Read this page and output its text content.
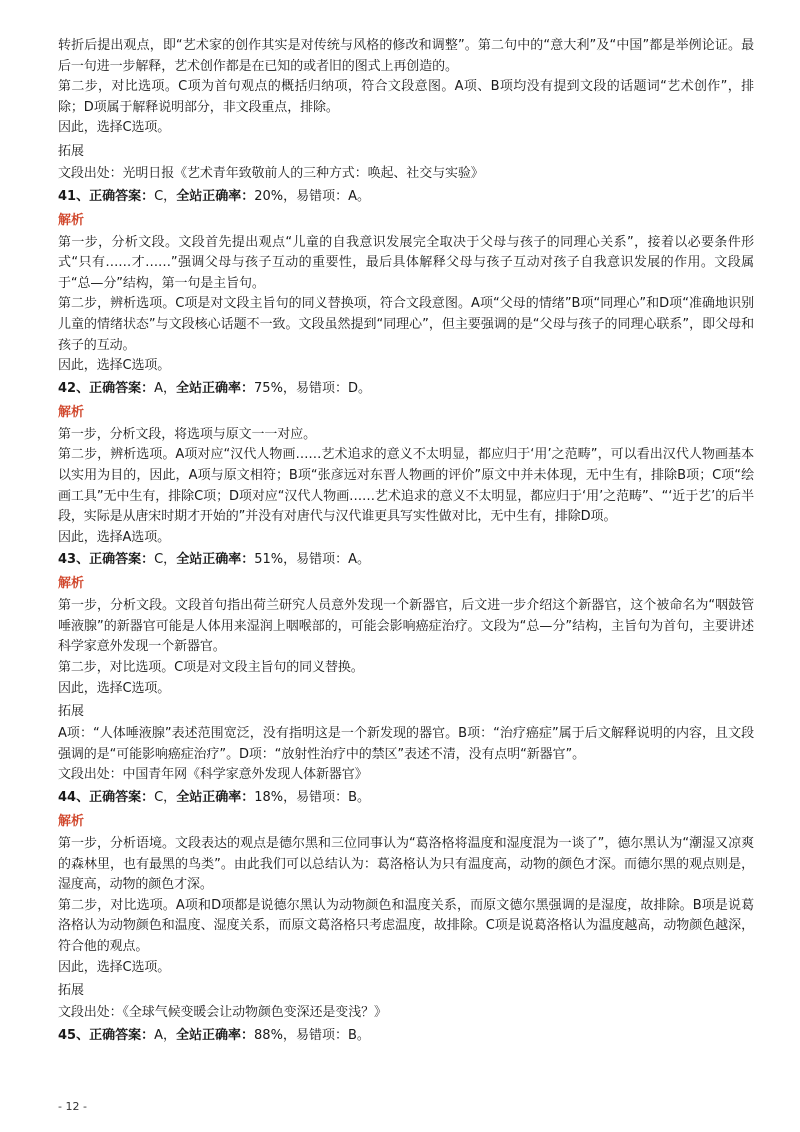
转折后提出观点，即“艺术家的创作其实是对传统与风格的修改和调整”。第二句中的“意大利”及“中国”都是举例论证。最后一句进一步解释，艺术创作都是在已知的或者旧的图式上再创造的。

第二步，对比选项。C项为首句观点的概括归纳项，符合文段意图。A项、B项均没有提到文段的话题词“艺术创作”，排除；D项属于解释说明部分，非文段重点，排除。

因此，选择C选项。

拓展

文段出处：光明日报《艺术青年致敬前人的三种方式：唤起、社交与实验》

41、正确答案：C，全站正确率：20%，易错项：A。
解析

第一步，分析文段。文段首先提出观点“儿童的自我意识发展完全取决于父母与孩子的同理心关系”，接着以必要条件形式“只有……才……”强调父母与孩子互动的重要性，最后具体解释父母与孩子互动对孩子自我意识发展的作用。文段属于“总—分”结构，第一句是主旨句。

第二步，辨析选项。C项是对文段主旨句的同义替换项，符合文段意图。A项“父母的情绪”B项“同理心”和D项“准确地识别儿童的情绪状态”与文段核心话题不一致。文段虽然提到“同理心”，但主要强调的是“父母与孩子的同理心联系”，即父母和孩子的互动。

因此，选择C选项。

42、正确答案：A，全站正确率：75%，易错项：D。
解析

第一步，分析文段，将选项与原文一一对应。

第二步，辨析选项。A项对应“汉代人物画……艺术追求的意义不太明显，都应归于‘用’之范畴”，可以看出汉代人物画基本以实用为目的，因此，A项与原文相符；B项“张彦远对东晋人物画的评价”原文中并未体现，无中生有，排除B项；C项“绘画工具”无中生有，排除C项；D项对应“汉代人物画……艺术追求的意义不太明显，都应归于‘用’之范畴”、“‘近于艺’的后半段，实际是从唐宋时期才开始的”并没有对唐代与汉代谁更具写实性做对比，无中生有，排除D项。

因此，选择A选项。

43、正确答案：C，全站正确率：51%，易错项：A。
解析

第一步，分析文段。文段首句指出荷兰研究人员意外发现一个新器官，后文进一步介绍这个新器官，这个被命名为“咽鼓管唾液腺”的新器官可能是人体用来湿润上咽喉部的，可能会影响癌症治疗。文段为“总—分”结构，主旨句为首句，主要讲述科学家意外发现一个新器官。

第二步，对比选项。C项是对文段主旨句的同义替换。

因此，选择C选项。

拓展

A项：“人体唾液腺”表述范围宽泛，没有指明这是一个新发现的器官。B项：“治疗癌症”属于后文解释说明的内容，且文段强调的是“可能影响癌症治疗”。D项：“放射性治疗中的禁区”表述不清，没有点明“新器官”。

文段出处：中国青年网《科学家意外发现人体新器官》

44、正确答案：C，全站正确率：18%，易错项：B。
解析

第一步，分析语境。文段表达的观点是德尔黑和三位同事认为“葛洛格将温度和湿度混为一谈了”，德尔黑认为“潮湿又凉爽的森林里，也有最黑的鸟类”。由此我们可以总结认为：葛洛格认为只有温度高，动物的颜色才深。而德尔黑的观点则是，湿度高，动物的颜色才深。

第二步，对比选项。A项和D项都是说德尔黑认为动物颜色和温度关系，而原文德尔黑强调的是湿度，故排除。B项是说葛洛格认为动物颜色和温度、湿度关系，而原文葛洛格只考虑温度，故排除。C项是说葛洛格认为温度越高，动物颜色越深，符合他的观点。

因此，选择C选项。

拓展

文段出处：《全球气候变暖会让动物颜色变深还是变浅？》

45、正确答案：A，全站正确率：88%，易错项：B。
- 12 -
